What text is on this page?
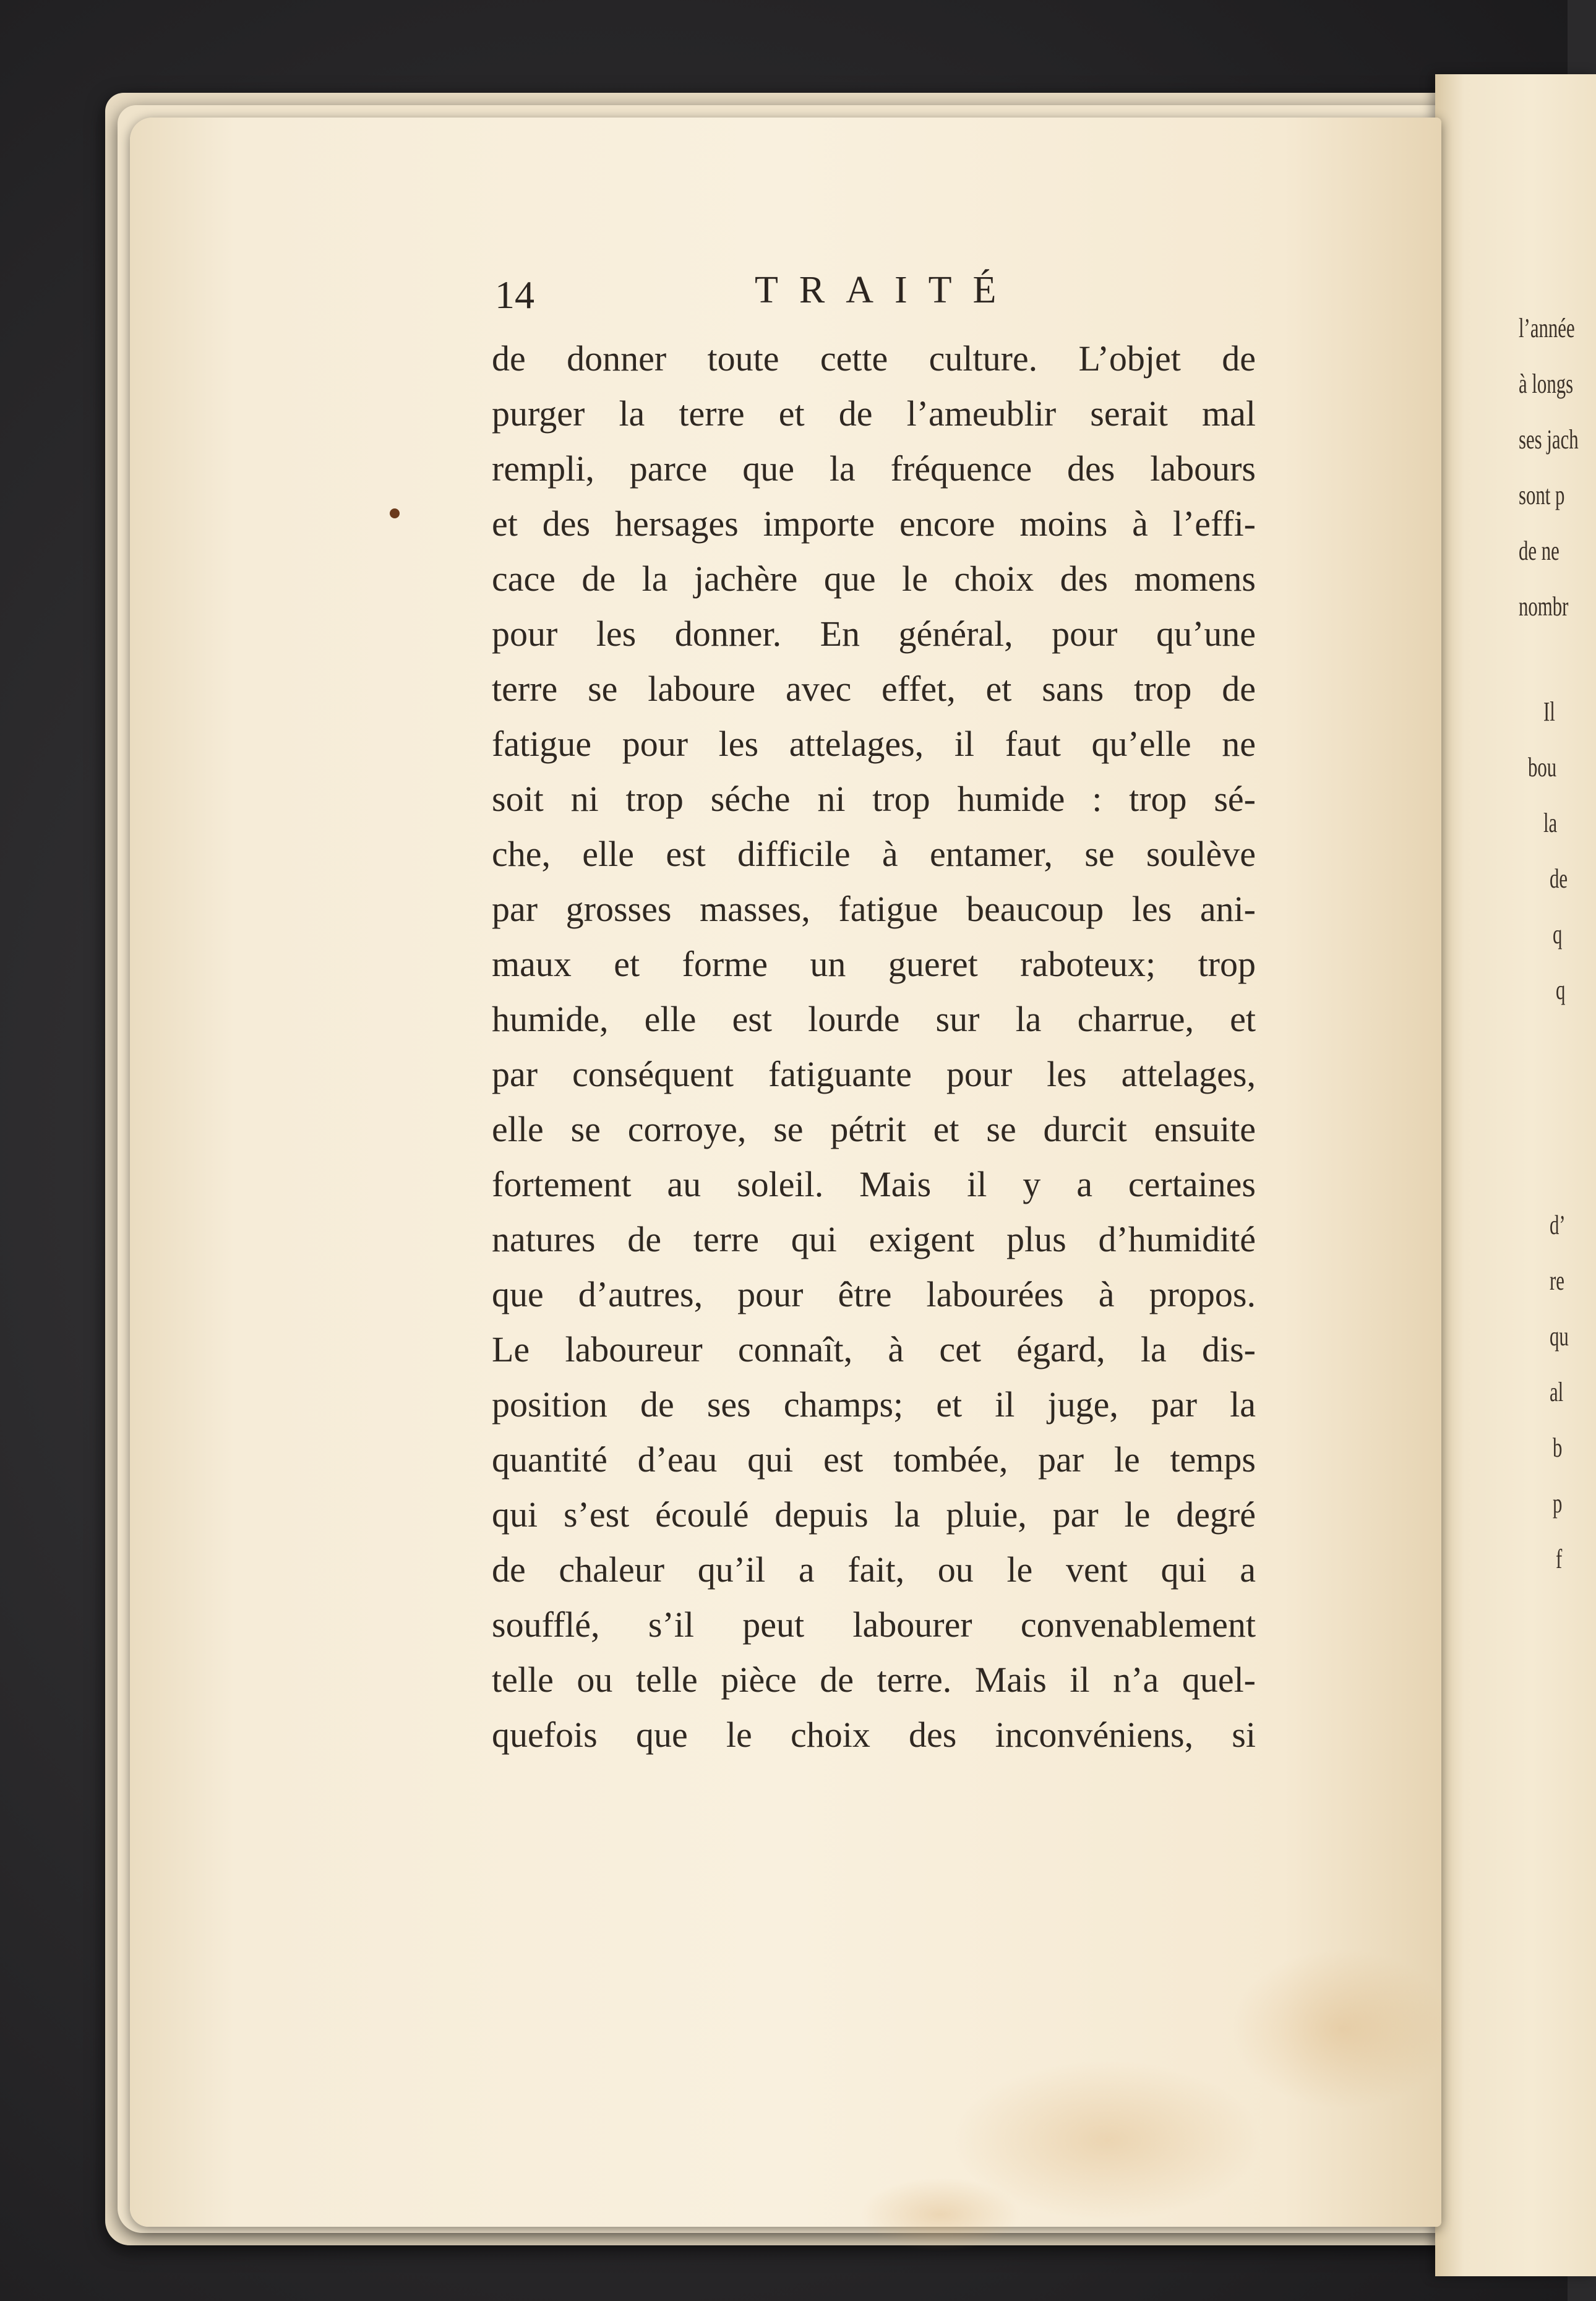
l’année
à longs
ses jach
sont p
de ne
nombr
Il
bou
la
de
q
q
d’
re
qu
al
b
p
f
14	TRAITÉ
de donner toute cette culture. L’objet de
purger la terre et de l’ameublir serait mal
rempli, parce que la fréquence des labours
et des hersages importe encore moins à l’effi-
cace de la jachère que le choix des momens
pour les donner. En général, pour qu’une
terre se laboure avec effet, et sans trop de
fatigue pour les attelages, il faut qu’elle ne
soit ni trop séche ni trop humide : trop sé-
che, elle est difficile à entamer, se soulève
par grosses masses, fatigue beaucoup les ani-
maux et forme un gueret raboteux; trop
humide, elle est lourde sur la charrue, et
par conséquent fatiguante pour les attelages,
elle se corroye, se pétrit et se durcit ensuite
fortement au soleil. Mais il y a certaines
natures de terre qui exigent plus d’humidité
que d’autres, pour être labourées à propos.
Le laboureur connaît, à cet égard, la dis-
position de ses champs; et il juge, par la
quantité d’eau qui est tombée, par le temps
qui s’est écoulé depuis la pluie, par le degré
de chaleur qu’il a fait, ou le vent qui a
soufflé, s’il peut labourer convenablement
telle ou telle pièce de terre. Mais il n’a quel-
quefois que le choix des inconvéniens, si
